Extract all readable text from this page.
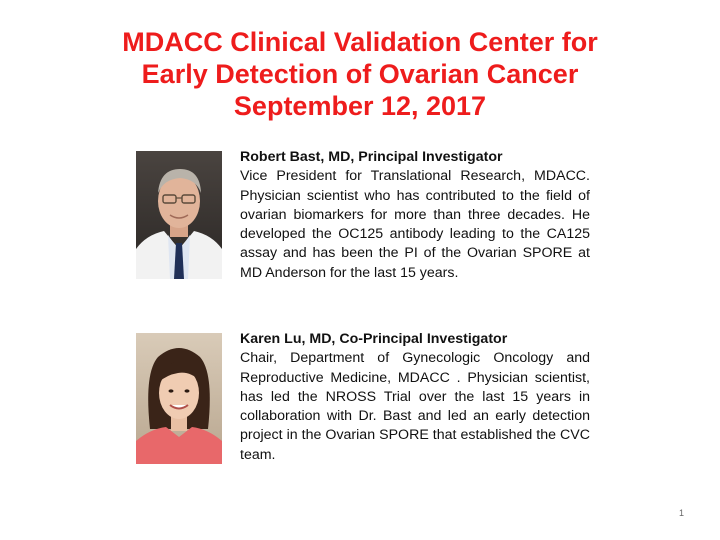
MDACC Clinical Validation Center for
Early Detection of Ovarian Cancer
September 12, 2017

Robert Bast, MD, Principal Investigator

Vice President for Translational Research, MDACC. Physician scientist who has contributed to the field of ovarian biomarkers for more than three decades. He developed the OC125 antibody leading to the CA125 assay and has been the PI of the Ovarian SPORE at MD Anderson for the last 15 years.

Karen Lu, MD, Co-Principal Investigator

Chair, Department of Gynecologic Oncology and Reproductive Medicine, MDACC . Physician scientist, has led the NROSS Trial over the last 15 years in collaboration with Dr. Bast and led an early detection project in the Ovarian SPORE that established the CVC team.

1
